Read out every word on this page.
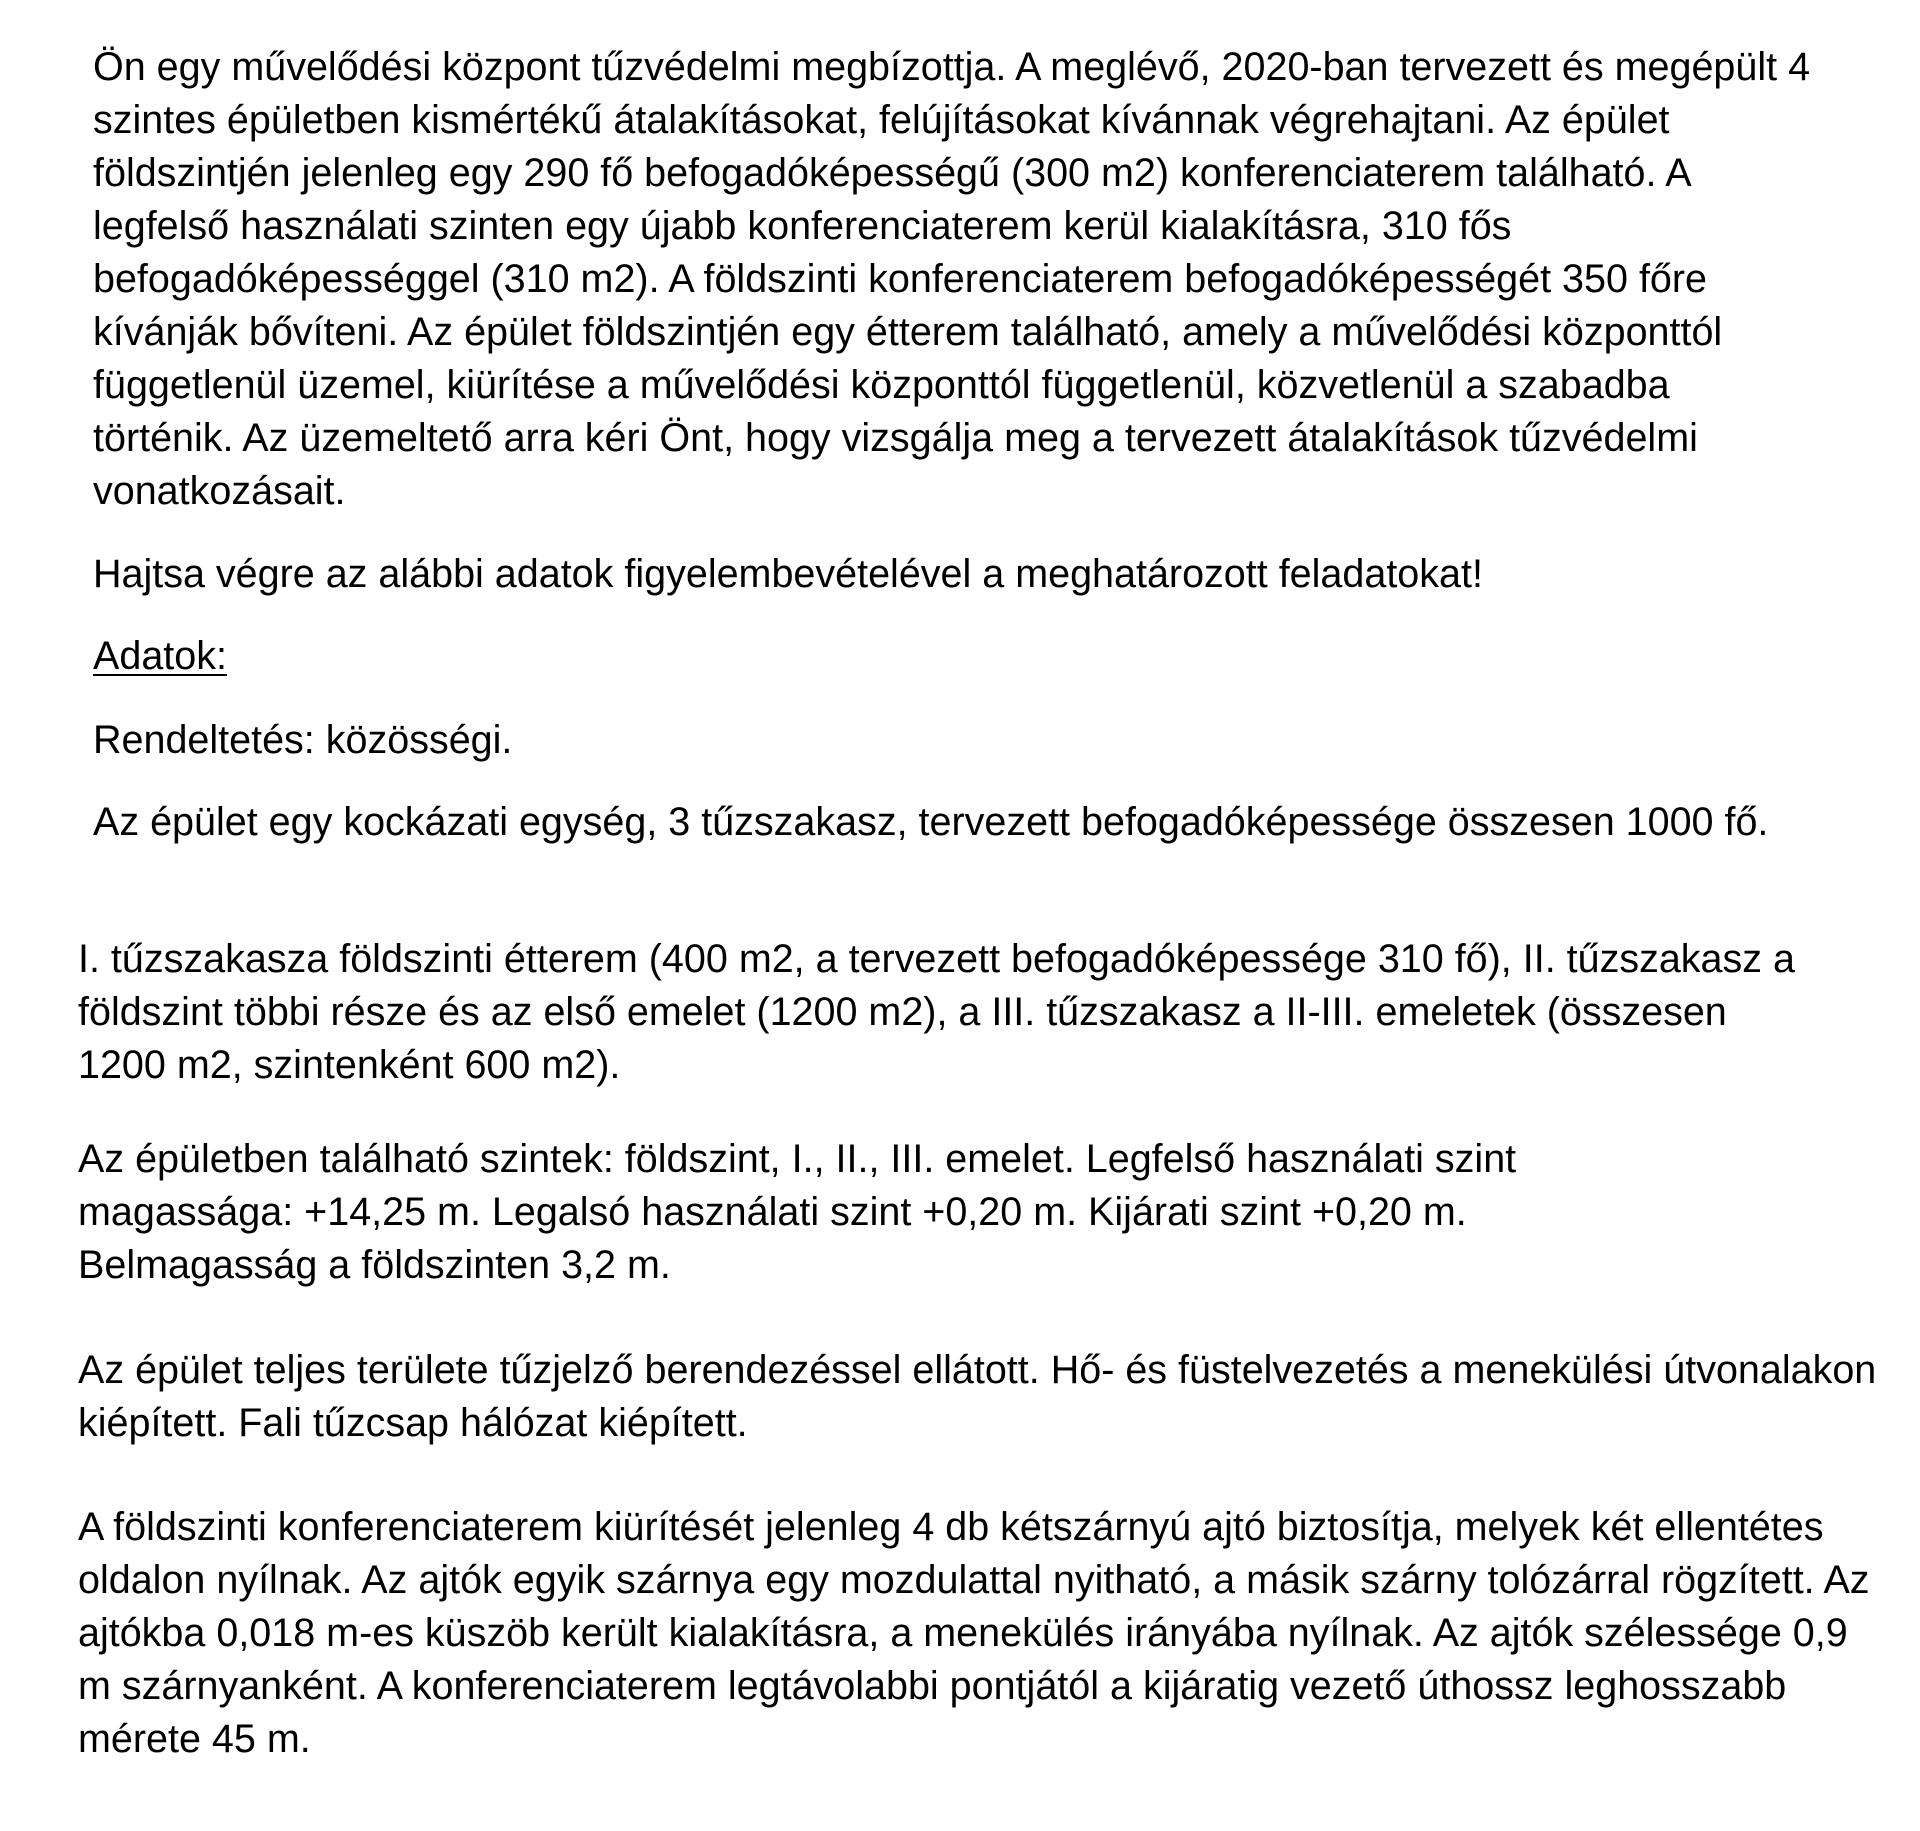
Ön egy művelődési központ tűzvédelmi megbízottja. A meglévő, 2020-ban tervezett és megépült 4 szintes épületben kismértékű átalakításokat, felújításokat kívánnak végrehajtani. Az épület földszintjén jelenleg egy 290 fő befogadóképességű (300 m2) konferenciaterem található. A legfelső használati szinten egy újabb konferenciaterem kerül kialakításra, 310 fős befogadóképességgel (310 m2). A földszinti konferenciaterem befogadóképességét 350 főre kívánják bővíteni. Az épület földszintjén egy étterem található, amely a művelődési központtól függetlenül üzemel, kiürítése a művelődési központtól függetlenül, közvetlenül a szabadba történik. Az üzemeltető arra kéri Önt, hogy vizsgálja meg a tervezett átalakítások tűzvédelmi vonatkozásait.

Hajtsa végre az alábbi adatok figyelembevételével a meghatározott feladatokat!

Adatok:

Rendeltetés: közösségi.

Az épület egy kockázati egység, 3 tűzszakasz, tervezett befogadóképessége összesen 1000 fő.

I. tűzszakasza földszinti étterem (400 m2, a tervezett befogadóképessége 310 fő), II. tűzszakasz a földszint többi része és az első emelet (1200 m2), a III. tűzszakasz a II-III. emeletek (összesen 1200 m2, szintenként 600 m2).

Az épületben található szintek: földszint, I., II., III. emelet. Legfelső használati szint magassága: +14,25 m. Legalsó használati szint +0,20 m. Kijárati szint +0,20 m. Belmagasság a földszinten 3,2 m.

Az épület teljes területe tűzjelző berendezéssel ellátott. Hő- és füstelvezetés a menekülési útvonalakon kiépített. Fali tűzcsap hálózat kiépített.

A földszinti konferenciaterem kiürítését jelenleg 4 db kétszárnyú ajtó biztosítja, melyek két ellentétes oldalon nyílnak. Az ajtók egyik szárnya egy mozdulattal nyitható, a másik szárny tolózárral rögzített. Az ajtókba 0,018 m-es küszöb került kialakításra, a menekülés irányába nyílnak. Az ajtók szélessége 0,9 m szárnyanként. A konferenciaterem legtávolabbi pontjától a kijáratig vezető úthossz leghosszabb mérete 45 m.
